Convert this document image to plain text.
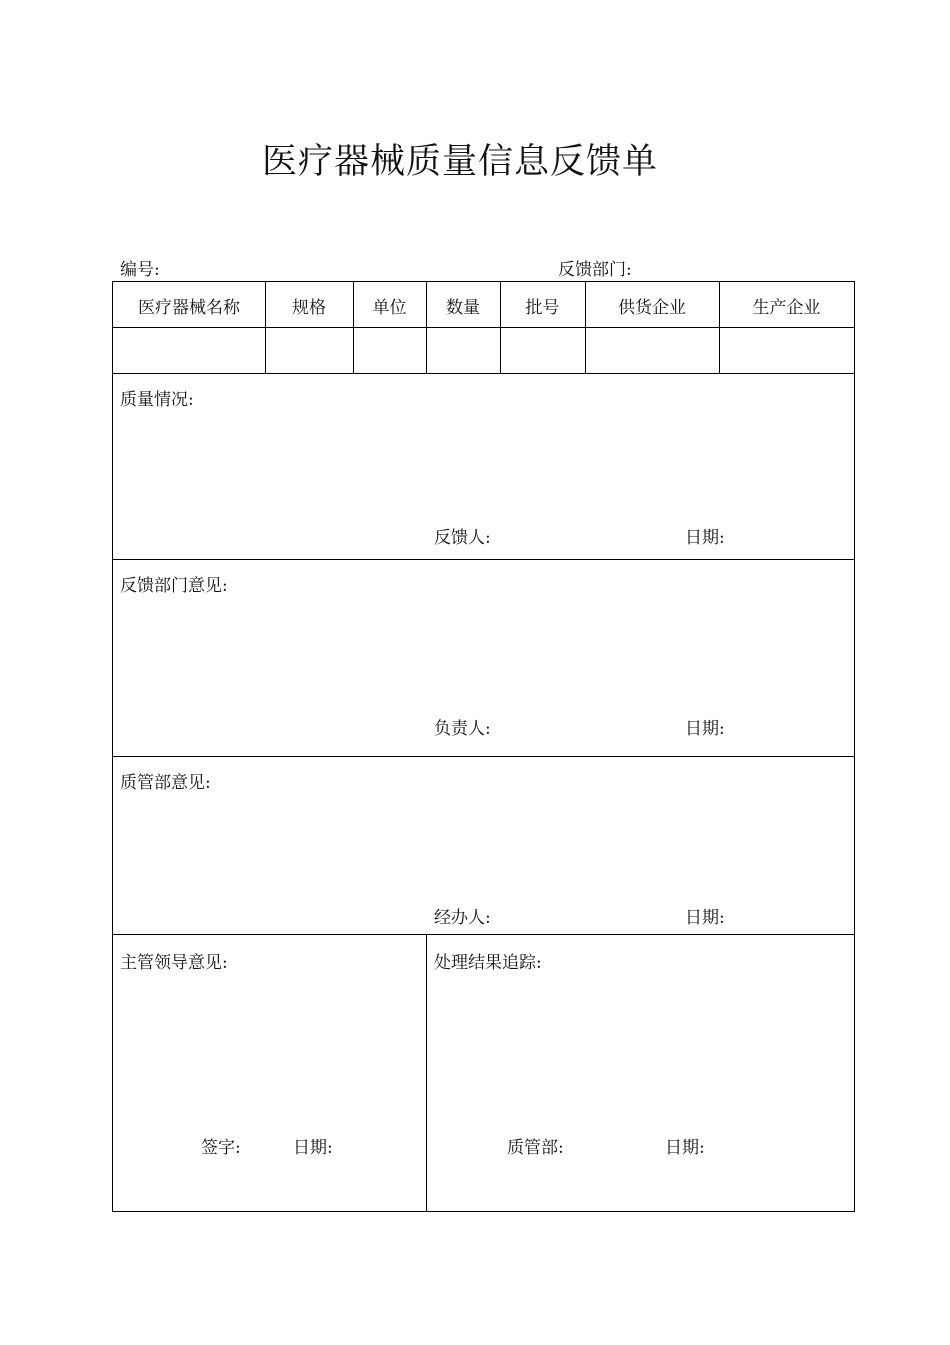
医疗器械质量信息反馈单
编号:	反馈部门:
医疗器械名称	规格	单位	数量	批号	供货企业	生产企业
质量情况:
反馈人:	日期:
反馈部门意见:
负责人:	日期:
质管部意见:
经办人:	日期:
主管领导意见:
签字:	日期:
处理结果追踪:
质管部:	日期:
